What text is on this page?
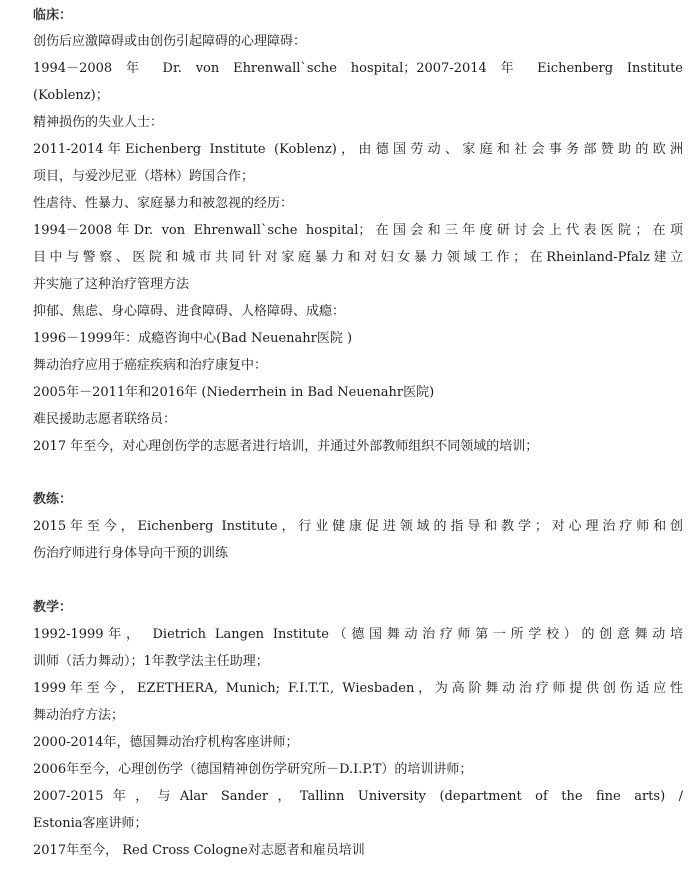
临床：
创伤后应激障碍或由创伤引起障碍的心理障碍：
1994－2008 年 Dr. von Ehrenwall`sche hospital；2007-2014 年 Eichenberg Institute
(Koblenz)；
精神损伤的失业人士：
2011-2014年Eichenberg Institute (Koblenz)，由德国劳动、家庭和社会事务部赞助的欧洲
项目，与爱沙尼亚（塔林）跨国合作；
性虐待、性暴力、家庭暴力和被忽视的经历：
1994－2008年Dr. von Ehrenwall`sche hospital；在国会和三年度研讨会上代表医院；在项
目中与警察、医院和城市共同针对家庭暴力和对妇女暴力领域工作；在Rheinland-Pfalz建立
并实施了这种治疗管理方法
抑郁、焦虑、身心障碍、进食障碍、人格障碍、成瘾：
1996－1999年：成瘾咨询中心(Bad Neuenahr医院 )
舞动治疗应用于癌症疾病和治疗康复中：
2005年－2011年和2016年 (Niederrhein in Bad Neuenahr医院)
难民援助志愿者联络员：
2017 年至今，对心理创伤学的志愿者进行培训，并通过外部教师组织不同领域的培训；
教练：
2015年至今，Eichenberg Institute，行业健康促进领域的指导和教学；对心理治疗师和创
伤治疗师进行身体导向干预的训练
教学：
1992-1999年， Dietrich Langen Institute（德国舞动治疗师第一所学校）的创意舞动培
训师（活力舞动）；1年教学法主任助理；
1999年至今，EZETHERA, Munich; F.I.T.T., Wiesbaden，为高阶舞动治疗师提供创伤适应性
舞动治疗方法；
2000-2014年，德国舞动治疗机构客座讲师；
2006年至今，心理创伤学（德国精神创伤学研究所－D.I.P.T）的培训讲师；
2007-2015年，与Alar Sander，Tallinn University (department of the fine arts) /
Estonia客座讲师；
2017年至今， Red Cross Cologne对志愿者和雇员培训
